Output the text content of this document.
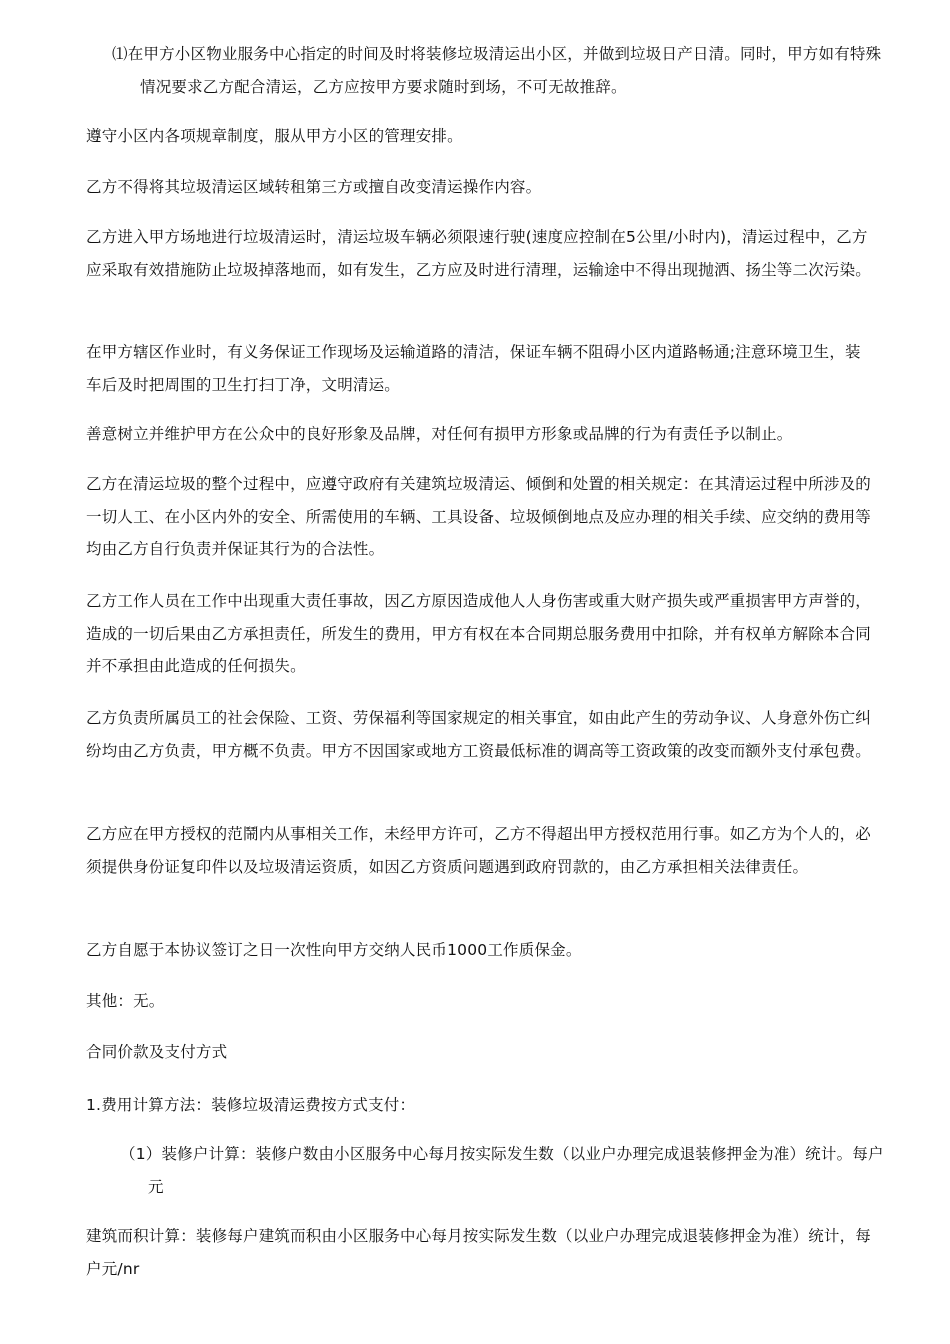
⑴在甲方小区物业服务中心指定的时间及时将装修垃圾清运出小区，并做到垃圾日产日清。同时，甲方如有特殊情况要求乙方配合清运，乙方应按甲方要求随时到场，不可无故推辞。

遵守小区内各项规章制度，服从甲方小区的管理安排。

乙方不得将其垃圾清运区域转租第三方或擅自改变清运操作内容。

乙方进入甲方场地进行垃圾清运时，清运垃圾车辆必须限速行驶(速度应控制在5公里/小时内)，清运过程中，乙方应采取有效措施防止垃圾掉落地而，如有发生，乙方应及时进行清理，运输途中不得出现抛洒、扬尘等二次污染。

在甲方辖区作业时，有义务保证工作现场及运输道路的清洁，保证车辆不阻碍小区内道路畅通;注意环境卫生，装车后及时把周围的卫生打扫丁净，文明清运。

善意树立并维护甲方在公众中的良好形象及品牌，对任何有损甲方形象或品牌的行为有责任予以制止。

乙方在清运垃圾的整个过程中，应遵守政府有关建筑垃圾清运、倾倒和处置的相关规定：在其清运过程中所涉及的一切人工、在小区内外的安全、所需使用的车辆、工具设备、垃圾倾倒地点及应办理的相关手续、应交纳的费用等均由乙方自行负责并保证其行为的合法性。

乙方工作人员在工作中出现重大责任事故，因乙方原因造成他人人身伤害或重大财产损失或严重损害甲方声誉的，造成的一切后果由乙方承担责任，所发生的费用，甲方有权在本合同期总服务费用中扣除，并有权单方解除本合同并不承担由此造成的任何损失。

乙方负责所属员工的社会保险、工资、劳保福利等国家规定的相关事宜，如由此产生的劳动争议、人身意外伤亡纠纷均由乙方负责，甲方概不负责。甲方不因国家或地方工资最低标准的调高等工资政策的改变而额外支付承包费。

乙方应在甲方授权的范鬧内从事相关工作，未经甲方许可，乙方不得超出甲方授权范用行事。如乙方为个人的，必须提供身份证复印件以及垃圾清运资质，如因乙方资质问题遇到政府罚款的，由乙方承担相关法律责任。

乙方自愿于本协议签订之日一次性向甲方交纳人民币1000工作质保金。

其他：无。

合同价款及支付方式

1.费用计算方法：装修垃圾清运费按方式支付：

（1）装修户计算：装修户数由小区服务中心每月按实际发生数（以业户办理完成退装修押金为准）统计。每户元

建筑而积计算：装修每户建筑而积由小区服务中心每月按实际发生数（以业户办理完成退装修押金为准）统计，每户元/nr
